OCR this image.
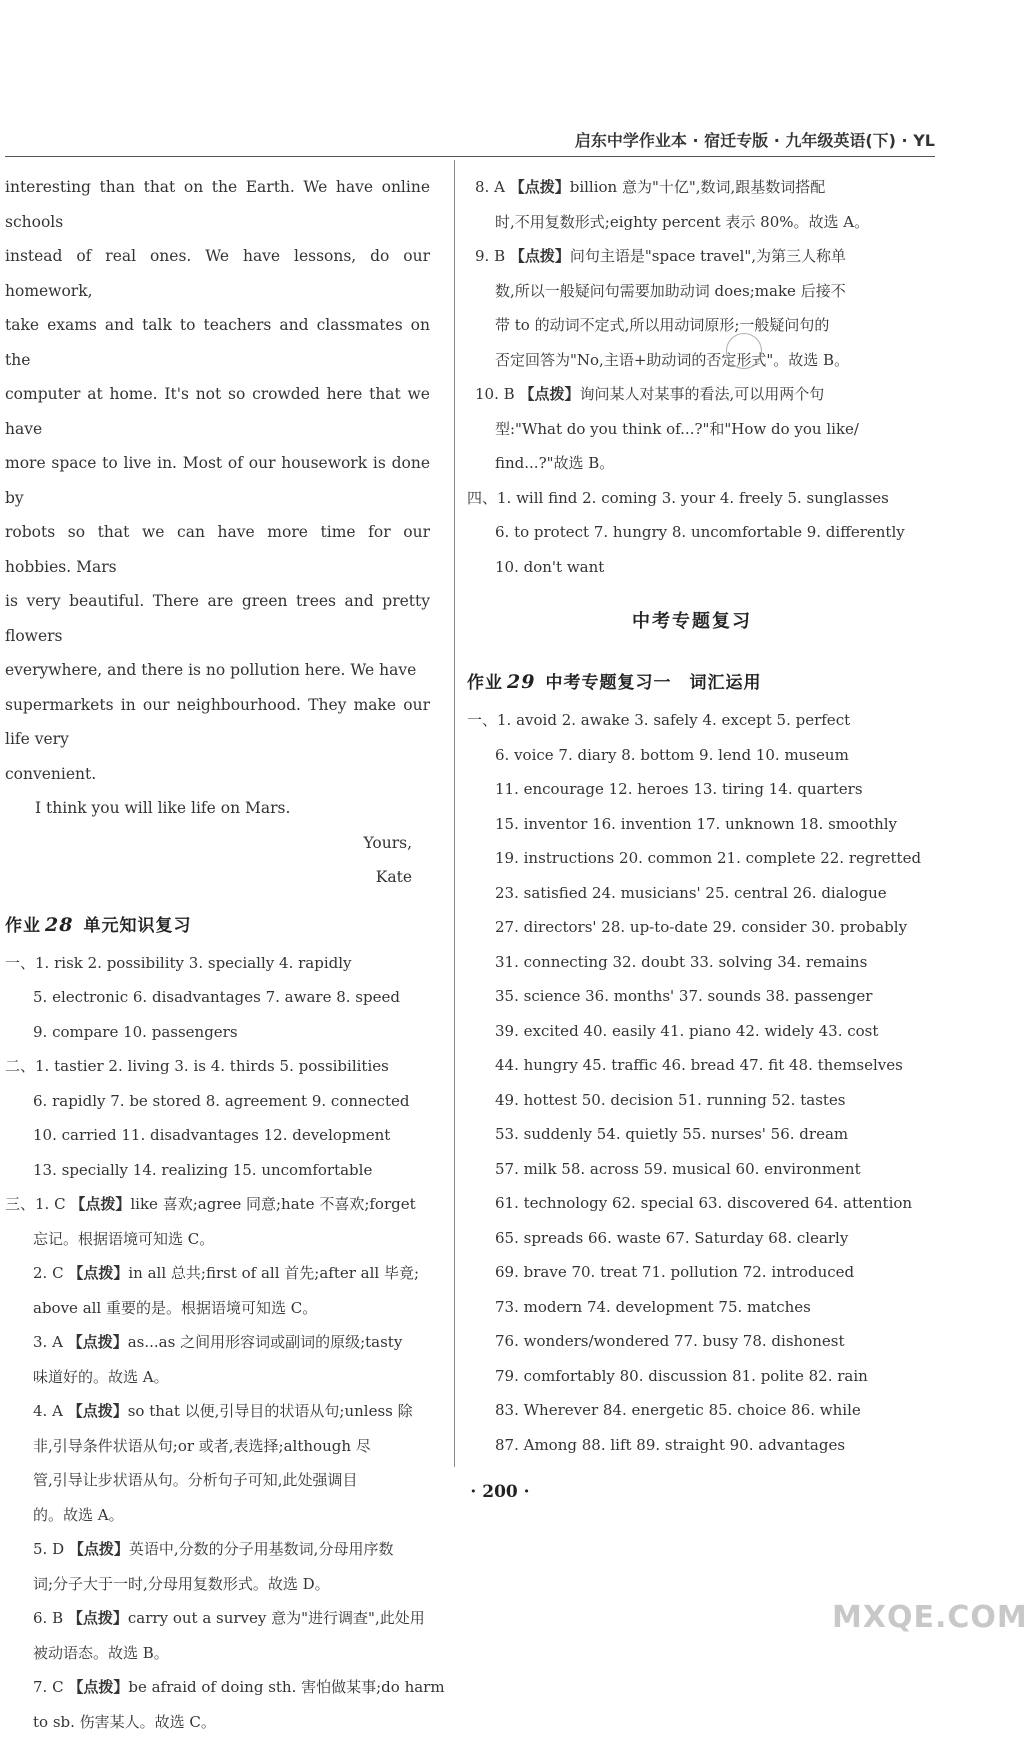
启东中学作业本 · 宿迁专版 · 九年级英语(下) · YL
interesting than that on the Earth. We have online schools
instead of real ones. We have lessons, do our homework,
take exams and talk to teachers and classmates on the
computer at home. It's not so crowded here that we have
more space to live in. Most of our housework is done by
robots so that we can have more time for our hobbies. Mars
is very beautiful. There are green trees and pretty flowers
everywhere, and there is no pollution here. We have
supermarkets in our neighbourhood. They make our life very
convenient.
I think you will like life on Mars.
Yours,
Kate
作业 28 单元知识复习
一、1. risk 2. possibility 3. specially 4. rapidly
5. electronic 6. disadvantages 7. aware 8. speed
9. compare 10. passengers
二、1. tastier 2. living 3. is 4. thirds 5. possibilities
6. rapidly 7. be stored 8. agreement 9. connected
10. carried 11. disadvantages 12. development
13. specially 14. realizing 15. uncomfortable
三、1. C 【点拨】like 喜欢;agree 同意;hate 不喜欢;forget
忘记。根据语境可知选 C。
2. C 【点拨】in all 总共;first of all 首先;after all 毕竟;
above all 重要的是。根据语境可知选 C。
3. A 【点拨】as...as 之间用形容词或副词的原级;tasty
味道好的。故选 A。
4. A 【点拨】so that 以便,引导目的状语从句;unless 除
非,引导条件状语从句;or 或者,表选择;although 尽
管,引导让步状语从句。分析句子可知,此处强调目
的。故选 A。
5. D 【点拨】英语中,分数的分子用基数词,分母用序数
词;分子大于一时,分母用复数形式。故选 D。
6. B 【点拨】carry out a survey 意为"进行调查",此处用
被动语态。故选 B。
7. C 【点拨】be afraid of doing sth. 害怕做某事;do harm
to sb. 伤害某人。故选 C。
8. A 【点拨】billion 意为"十亿",数词,跟基数词搭配
时,不用复数形式;eighty percent 表示 80%。故选 A。
9. B 【点拨】问句主语是"space travel",为第三人称单
数,所以一般疑问句需要加助动词 does;make 后接不
带 to 的动词不定式,所以用动词原形;一般疑问句的
否定回答为"No,主语+助动词的否定形式"。故选 B。
10. B 【点拨】询问某人对某事的看法,可以用两个句
型:"What do you think of...?"和"How do you like/
find...?"故选 B。
四、1. will find 2. coming 3. your 4. freely 5. sunglasses
6. to protect 7. hungry 8. uncomfortable 9. differently
10. don't want
中考专题复习
作业 29 中考专题复习一　词汇运用
一、1. avoid 2. awake 3. safely 4. except 5. perfect
6. voice 7. diary 8. bottom 9. lend 10. museum
11. encourage 12. heroes 13. tiring 14. quarters
15. inventor 16. invention 17. unknown 18. smoothly
19. instructions 20. common 21. complete 22. regretted
23. satisfied 24. musicians' 25. central 26. dialogue
27. directors' 28. up-to-date 29. consider 30. probably
31. connecting 32. doubt 33. solving 34. remains
35. science 36. months' 37. sounds 38. passenger
39. excited 40. easily 41. piano 42. widely 43. cost
44. hungry 45. traffic 46. bread 47. fit 48. themselves
49. hottest 50. decision 51. running 52. tastes
53. suddenly 54. quietly 55. nurses' 56. dream
57. milk 58. across 59. musical 60. environment
61. technology 62. special 63. discovered 64. attention
65. spreads 66. waste 67. Saturday 68. clearly
69. brave 70. treat 71. pollution 72. introduced
73. modern 74. development 75. matches
76. wonders/wondered 77. busy 78. dishonest
79. comfortably 80. discussion 81. polite 82. rain
83. Wherever 84. energetic 85. choice 86. while
87. Among 88. lift 89. straight 90. advantages
· 200 ·
MXQE.COM
